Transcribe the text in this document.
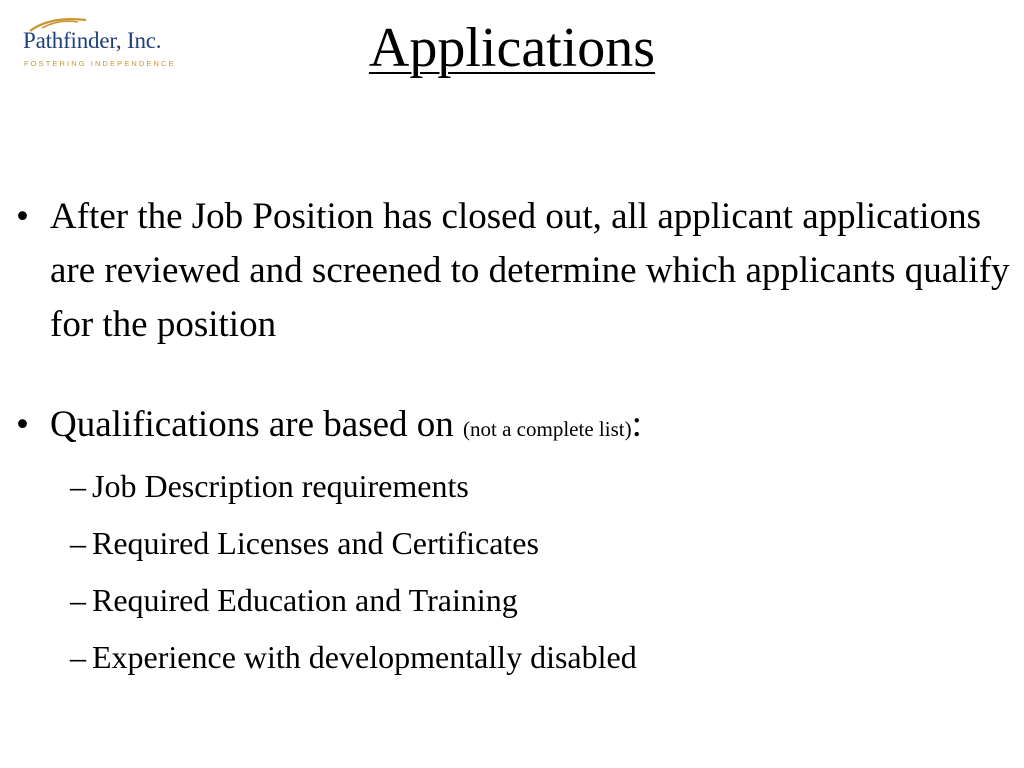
Pathfinder, Inc.
FOSTERING INDEPENDENCE	Applications
• After the Job Position has closed out, all applicant applications are reviewed and screened to determine which applicants qualify for the position
• Qualifications are based on (not a complete list):
– Job Description requirements
– Required Licenses and Certificates
– Required Education and Training
– Experience with developmentally disabled
